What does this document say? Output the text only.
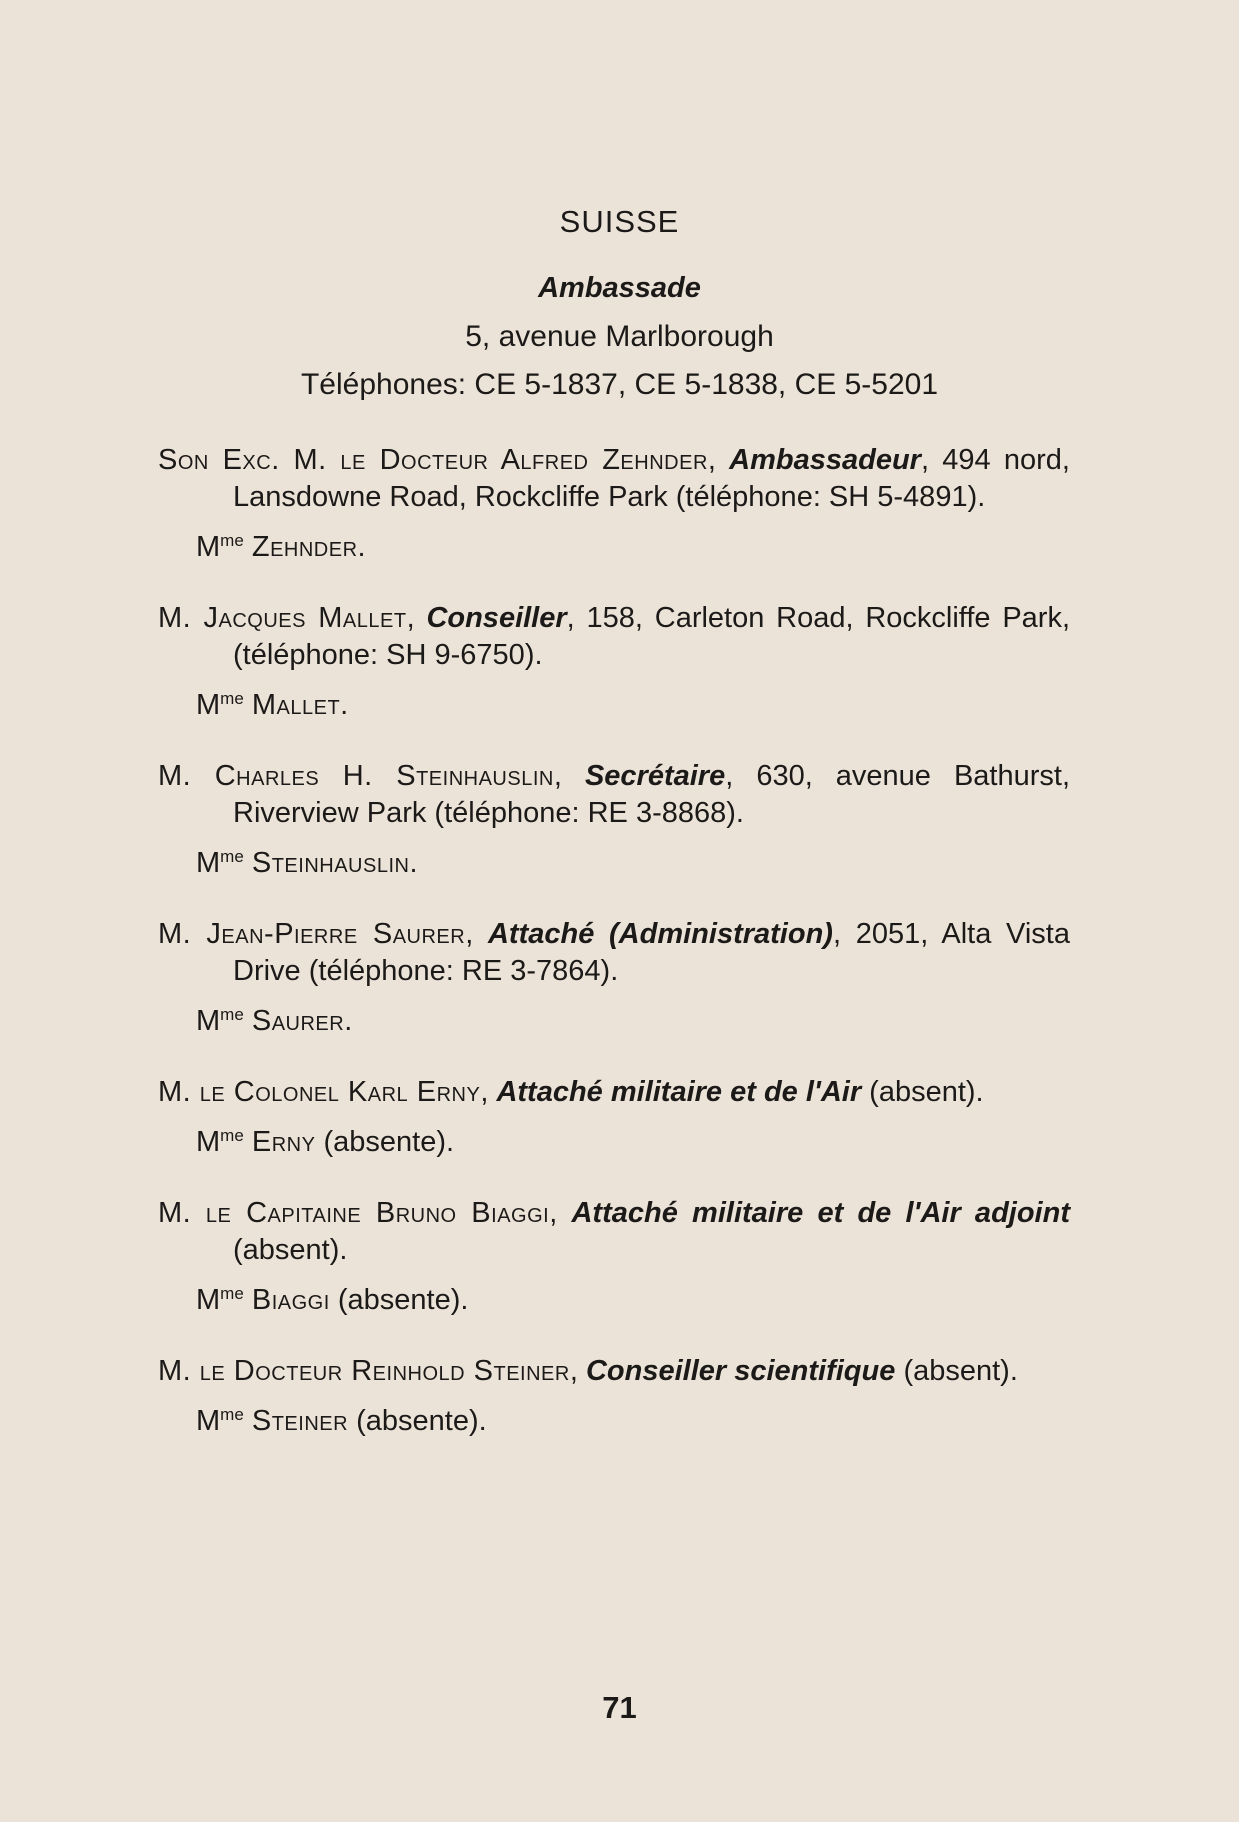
SUISSE
Ambassade
5, avenue Marlborough
Téléphones: CE 5-1837, CE 5-1838, CE 5-5201
Son Exc. M. le Docteur Alfred Zehnder, Ambassadeur, 494 nord, Lansdowne Road, Rockcliffe Park (téléphone: SH 5-4891).
$M^{me}$ Zehnder.
M. Jacques Mallet, Conseiller, 158, Carleton Road, Rockcliffe Park, (téléphone: SH 9-6750).
$M^{me}$ Mallet.
M. Charles H. Steinhauslin, Secrétaire, 630, avenue Bathurst, Riverview Park (téléphone: RE 3-8868).
$M^{me}$ Steinhauslin.
M. Jean-Pierre Saurer, Attaché (Administration), 2051, Alta Vista Drive (téléphone: RE 3-7864).
$M^{me}$ Saurer.
M. le Colonel Karl Erny, Attaché militaire et de l'Air (absent).
$M^{me}$ Erny (absente).
M. le Capitaine Bruno Biaggi, Attaché militaire et de l'Air adjoint (absent).
$M^{me}$ Biaggi (absente).
M. le Docteur Reinhold Steiner, Conseiller scientifique (absent).
$M^{me}$ Steiner (absente).
71
